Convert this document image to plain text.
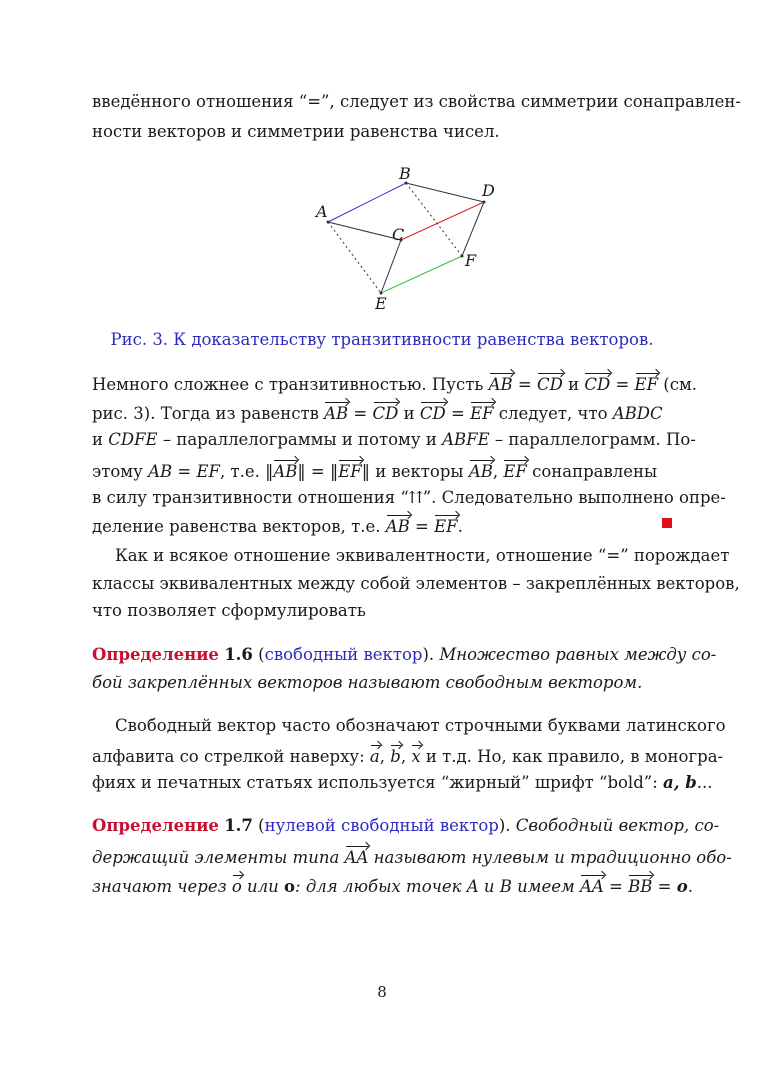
введённого отношения “=”, следует из свойства симметрии сонаправлен-
ности векторов и симметрии равенства чисел.
A
B
C
D
E
F
Рис. 3. К доказательству транзитивности равенства векторов.
Немного сложнее с транзитивностью. Пусть AB = CD и CD = EF (см.
рис. 3). Тогда из равенств AB = CD и CD = EF следует, что ABDC
и CDFE – параллелограммы и потому и ABFE – параллелограмм. По-
этому AB = EF, т.е. ‖AB‖ = ‖EF‖ и векторы AB, EF сонаправлены
в силу транзитивности отношения “⇈”. Следовательно выполнено опре-
деление равенства векторов, т.е. AB = EF.
Как и всякое отношение эквивалентности, отношение “=” порождает
классы эквивалентных между собой элементов – закреплённых векторов,
что позволяет сформулировать
Определение 1.6 (свободный вектор). Множество равных между со-
бой закреплённых векторов называют свободным вектором.
Свободный вектор часто обозначают строчными буквами латинского
алфавита со стрелкой наверху: a, b, x и т.д. Но, как правило, в моногра-
фиях и печатных статьях используется “жирный” шрифт “bold”: a, b...
Определение 1.7 (нулевой свободный вектор). Свободный вектор, со-
держащий элементы типа AA называют нулевым и традиционно обо-
значают через o или o: для любых точек A и B имеем AA = BB = o.
8
